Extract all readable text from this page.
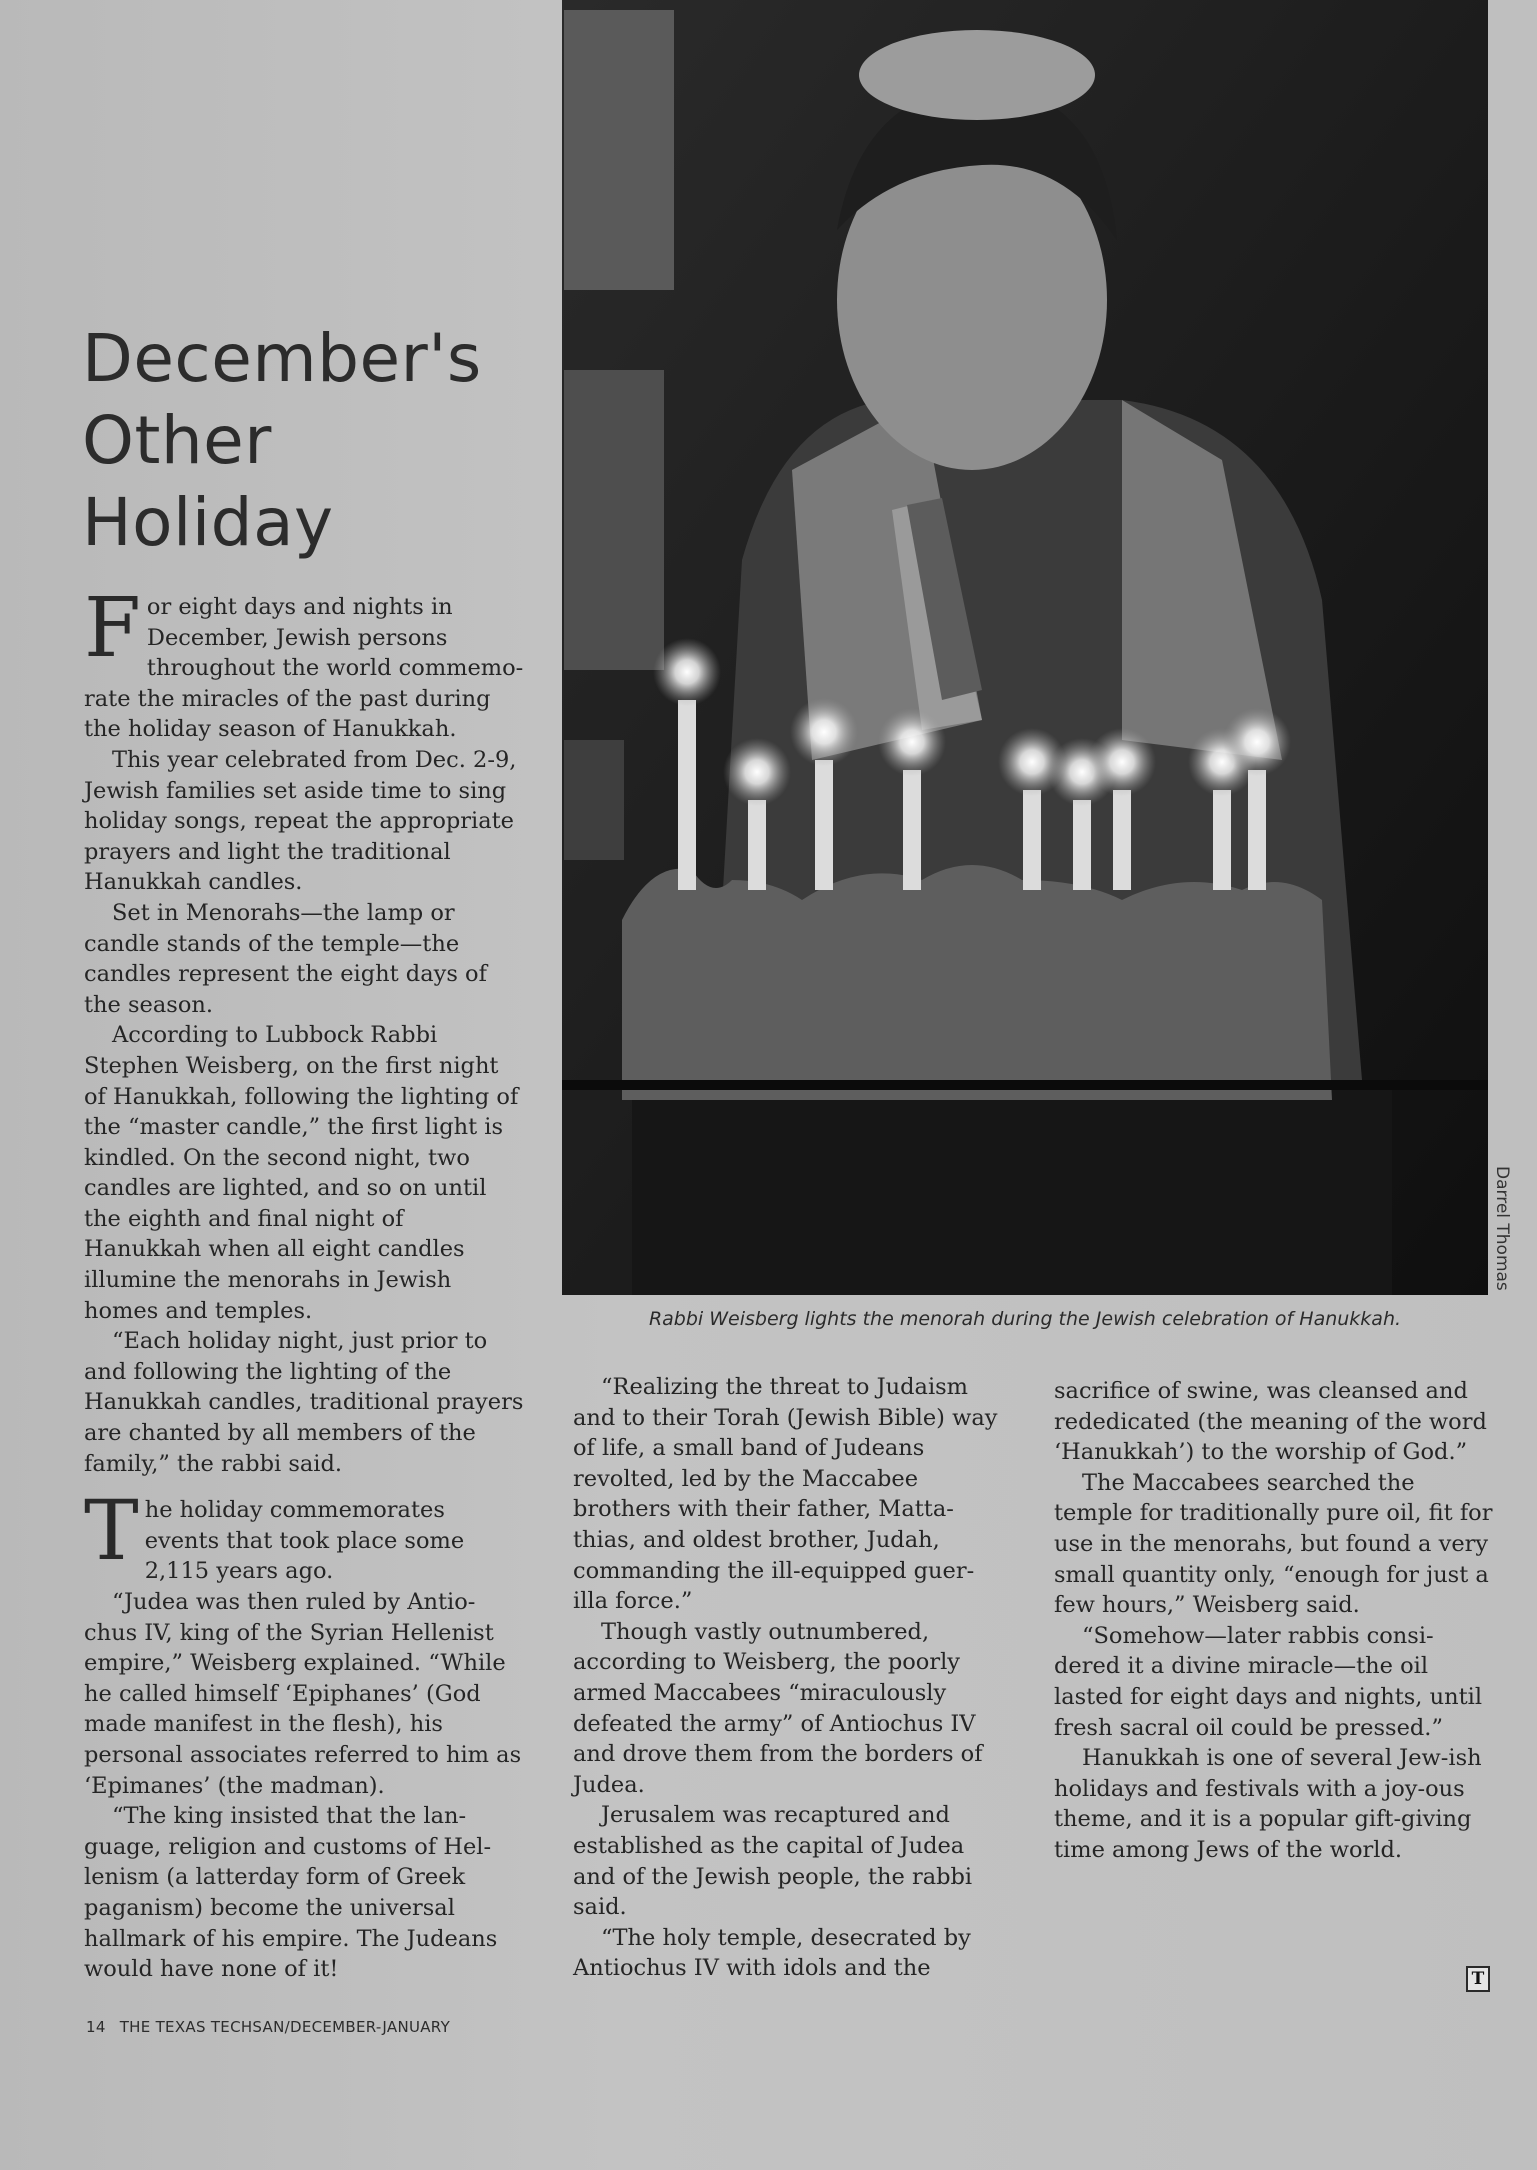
December's
Other
Holiday

For eight days and nights in December, Jewish persons throughout the world commemo-rate the miracles of the past during the holiday season of Hanukkah.

This year celebrated from Dec. 2-9, Jewish families set aside time to sing holiday songs, repeat the appropriate prayers and light the traditional Hanukkah candles.

Set in Menorahs—the lamp or candle stands of the temple—the candles represent the eight days of the season.

According to Lubbock Rabbi Stephen Weisberg, on the first night of Hanukkah, following the lighting of the “master candle,” the first light is kindled. On the second night, two candles are lighted, and so on until the eighth and final night of Hanukkah when all eight candles illumine the menorahs in Jewish homes and temples.

“Each holiday night, just prior to and following the lighting of the Hanukkah candles, traditional prayers are chanted by all members of the family,” the rabbi said.

The holiday commemorates events that took place some 2,115 years ago.

“Judea was then ruled by Antio-chus IV, king of the Syrian Hellenist empire,” Weisberg explained. “While he called himself ‘Epiphanes’ (God made manifest in the flesh), his personal associates referred to him as ‘Epimanes’ (the madman).

“The king insisted that the lan-guage, religion and customs of Hel-lenism (a latterday form of Greek paganism) become the universal hallmark of his empire. The Judeans would have none of it!

Rabbi Weisberg lights the menorah during the Jewish celebration of Hanukkah.
Darrel Thomas

“Realizing the threat to Judaism and to their Torah (Jewish Bible) way of life, a small band of Judeans revolted, led by the Maccabee brothers with their father, Matta-thias, and oldest brother, Judah, commanding the ill-equipped guer-illa force.”

Though vastly outnumbered, according to Weisberg, the poorly armed Maccabees “miraculously defeated the army” of Antiochus IV and drove them from the borders of Judea.

Jerusalem was recaptured and established as the capital of Judea and of the Jewish people, the rabbi said.

“The holy temple, desecrated by Antiochus IV with idols and the

sacrifice of swine, was cleansed and rededicated (the meaning of the word ‘Hanukkah’) to the worship of God.”

The Maccabees searched the temple for traditionally pure oil, fit for use in the menorahs, but found a very small quantity only, “enough for just a few hours,” Weisberg said.

“Somehow—later rabbis consi-dered it a divine miracle—the oil lasted for eight days and nights, until fresh sacral oil could be pressed.”

Hanukkah is one of several Jew-ish holidays and festivals with a joy-ous theme, and it is a popular gift-giving time among Jews of the world.

T
14 THE TEXAS TECHSAN/DECEMBER-JANUARY
